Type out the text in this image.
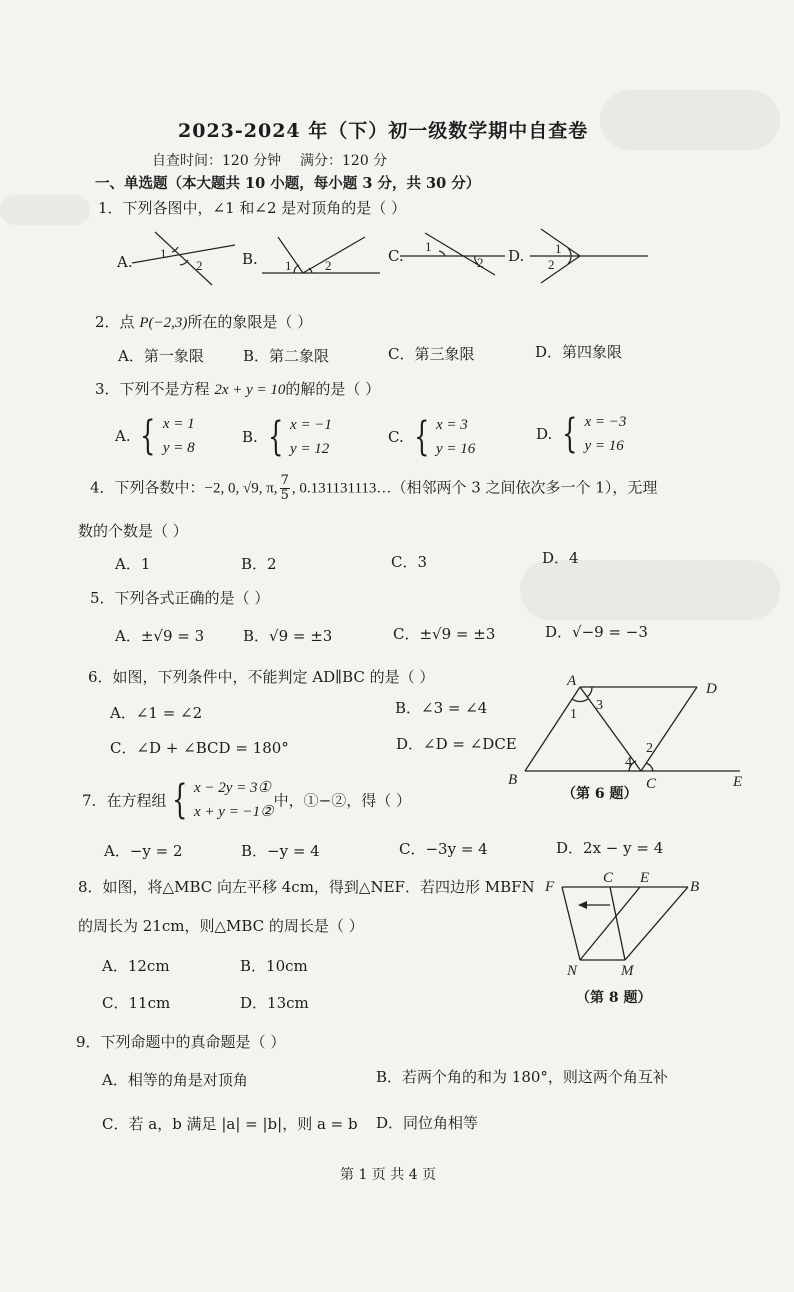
2023-2024 年（下）初一级数学期中自查卷
自查时间：120 分钟 满分：120 分
一、单选题（本大题共 10 小题，每小题 3 分，共 30 分）
1．下列各图中，∠1 和∠2 是对顶角的是（ ）
A.	B.	C.	D.
1
2	1	2
1
2
1
2
2．点 P(−2,3)所在的象限是（ ）
A．第一象限	B．第二象限	C．第三象限	D．第四象限
3．下列不是方程 2x + y = 10的解的是（ ）
A. { x = 1
y = 8
B. { x = −1
y = 12
C. { x = 3
y = 16
D. { x = −3
y = 16
4．下列各数中：−2, 0, √9, π, $\frac{7}{5}$ , 0.131131113…（相邻两个 3 之间依次多一个 1），无理
数的个数是（ ）
A．1	B．2	C．3	D．4
5．下列各式正确的是（ ）
A．±√9 = 3	B．√9 = ±3	C．±√9 = ±3	D．√−9 = −3
6．如图，下列条件中，不能判定 AD∥BC 的是（ ）
A．∠1 = ∠2	B．∠3 = ∠4
C．∠D + ∠BCD = 180°	D．∠D = ∠DCE
A	D
B	C	E
1
2
3
4
（第 6 题）
7．在方程组 { x − 2y = 3①
x + y = −1②
中，①−②，得（ ）
A．−y = 2	B．−y = 4	C．−3y = 4	D．2x − y = 4
8．如图，将△MBC 向左平移 4cm，得到△NEF．若四边形 MBFN
的周长为 21cm，则△MBC 的周长是（ ）
A．12cm	B．10cm
C．11cm	D．13cm
F
C E
B
N	M
（第 8 题）
9．下列命题中的真命题是（ ）
A．相等的角是对顶角	B．若两个角的和为 180°，则这两个角互补
C．若 a，b 满足 |a| = |b|，则 a = b D．同位角相等
第 1 页 共 4 页
